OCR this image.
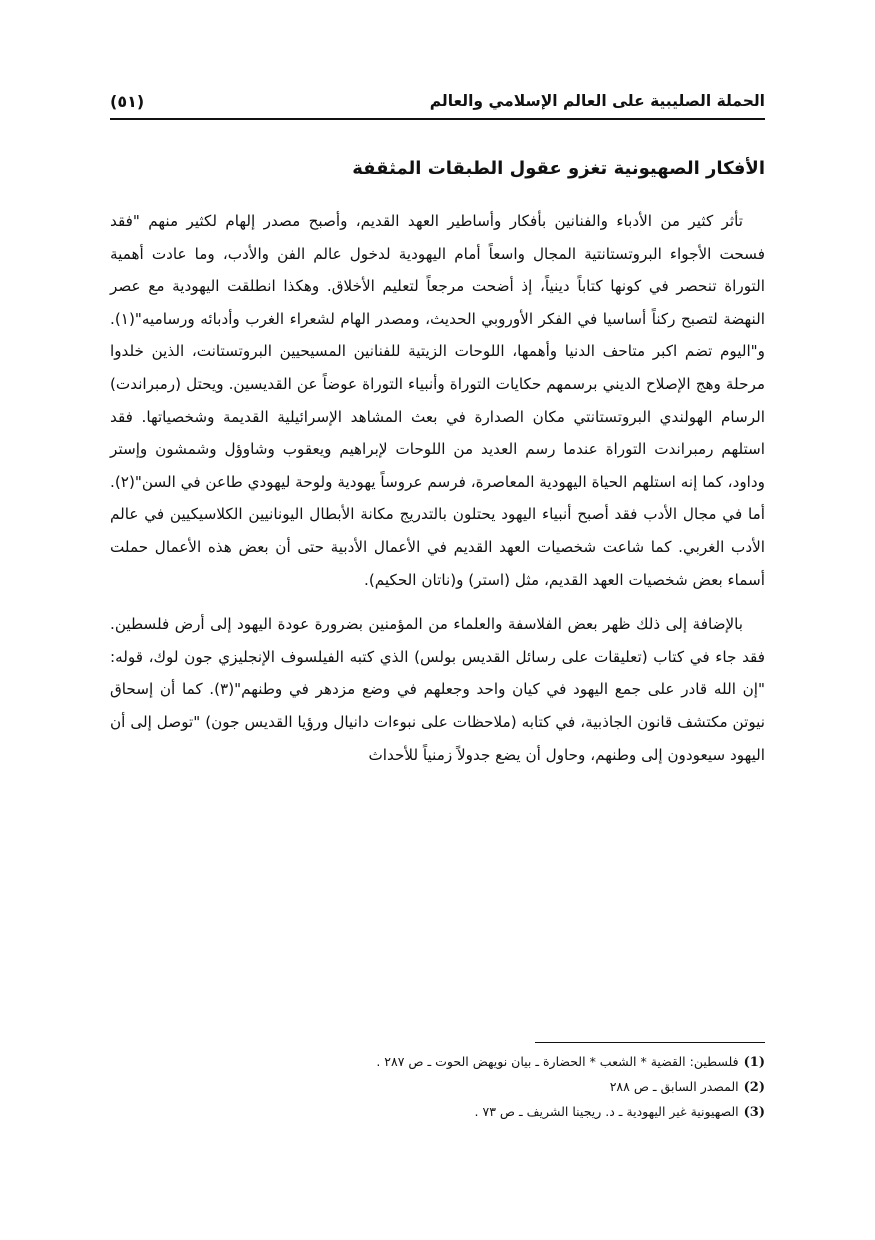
الحملة الصليبية على العالم الإسلامي والعالم
(٥١)
الأفكار الصهيونية تغزو عقول الطبقات المثقفة

تأثر كثير من الأدباء والفنانين بأفكار وأساطير العهد القديم، وأصبح مصدر إلهام لكثير منهم "فقد فسحت الأجواء البروتستانتية المجال واسعاً أمام اليهودية لدخول عالم الفن والأدب، وما عادت أهمية التوراة تنحصر في كونها كتاباً دينياً، إذ أضحت مرجعاً لتعليم الأخلاق. وهكذا انطلقت اليهودية مع عصر النهضة لتصبح ركناً أساسيا في الفكر الأوروبي الحديث، ومصدر الهام لشعراء الغرب وأدبائه ورساميه"(١). و"اليوم تضم اكبر متاحف الدنيا وأهمها، اللوحات الزيتية للفنانين المسيحيين البروتستانت، الذين خلدوا مرحلة وهج الإصلاح الديني برسمهم حكايات التوراة وأنبياء التوراة عوضاً عن القديسين. ويحتل (رمبراندت) الرسام الهولندي البروتستانتي مكان الصدارة في بعث المشاهد الإسرائيلية القديمة وشخصياتها. فقد استلهم رمبراندت التوراة عندما رسم العديد من اللوحات لإبراهيم ويعقوب وشاوؤل وشمشون وإستر وداود، كما إنه استلهم الحياة اليهودية المعاصرة، فرسم عروساً يهودية ولوحة ليهودي طاعن في السن"(٢). أما في مجال الأدب فقد أصبح أنبياء اليهود يحتلون بالتدريج مكانة الأبطال اليونانيين الكلاسيكيين في عالم الأدب الغربي. كما شاعت شخصيات العهد القديم في الأعمال الأدبية حتى أن بعض هذه الأعمال حملت أسماء بعض شخصيات العهد القديم، مثل (استر) و(ناتان الحكيم).

بالإضافة إلى ذلك ظهر بعض الفلاسفة والعلماء من المؤمنين بضرورة عودة اليهود إلى أرض فلسطين. فقد جاء في كتاب (تعليقات على رسائل القديس بولس) الذي كتبه الفيلسوف الإنجليزي جون لوك، قوله: "إن الله قادر على جمع اليهود في كيان واحد وجعلهم في وضع مزدهر في وطنهم"(٣). كما أن إسحاق نيوتن مكتشف قانون الجاذبية، في كتابه (ملاحظات على نبوءات دانيال ورؤيا القديس جون) "توصل إلى أن اليهود سيعودون إلى وطنهم، وحاول أن يضع جدولاً زمنياً للأحداث

(1)فلسطين: القضية * الشعب * الحضارة ـ بيان نويهض الحوت ـ ص ٢٨٧ .
(2)المصدر السابق ـ ص ٢٨٨
(3)الصهيونية غير اليهودية ـ د. ريجينا الشريف ـ ص ٧٣ .
